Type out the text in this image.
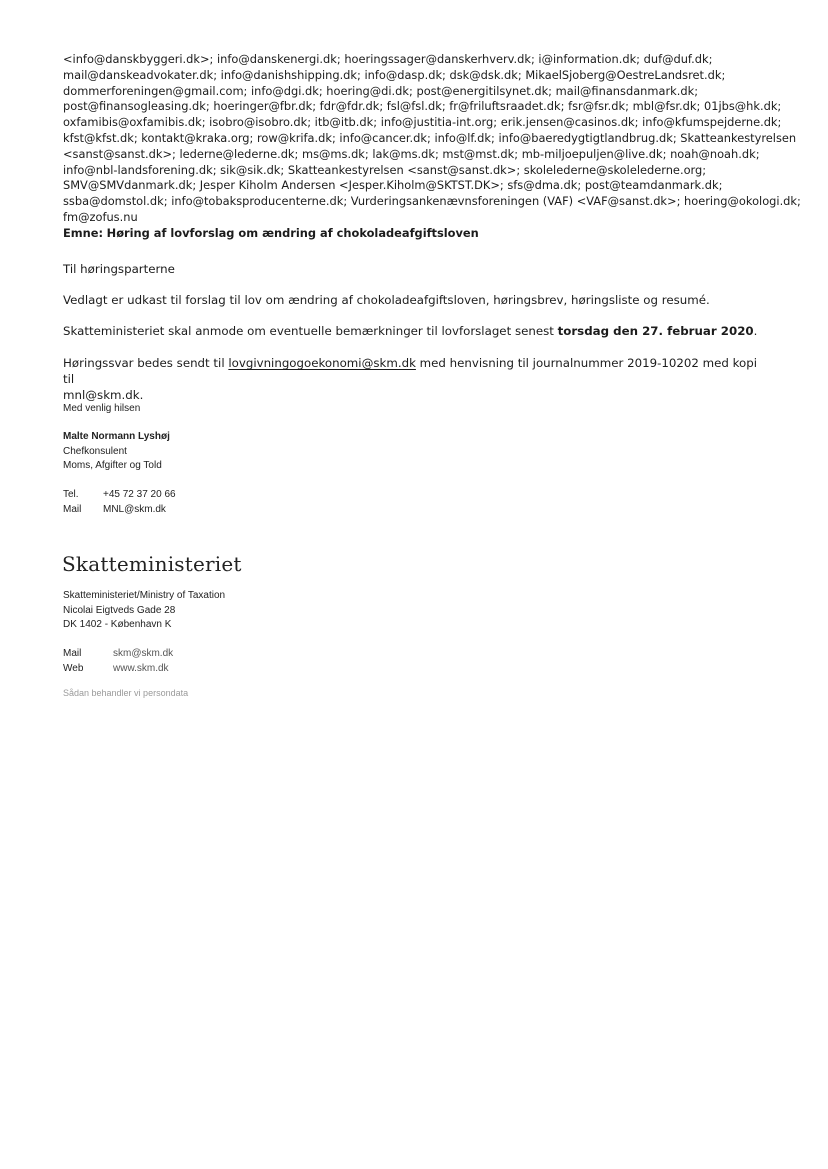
<info@danskbyggeri.dk>; info@danskenergi.dk; hoeringssager@danskerhverv.dk; i@information.dk; duf@duf.dk;
mail@danskeadvokater.dk; info@danishshipping.dk; info@dasp.dk; dsk@dsk.dk; MikaelSjoberg@OestreLandsret.dk;
dommerforeningen@gmail.com; info@dgi.dk; hoering@di.dk; post@energitilsynet.dk; mail@finansdanmark.dk;
post@finansogleasing.dk; hoeringer@fbr.dk; fdr@fdr.dk; fsl@fsl.dk; fr@friluftsraadet.dk; fsr@fsr.dk; mbl@fsr.dk; 01jbs@hk.dk;
oxfamibis@oxfamibis.dk; isobro@isobro.dk; itb@itb.dk; info@justitia-int.org; erik.jensen@casinos.dk; info@kfumspejderne.dk;
kfst@kfst.dk; kontakt@kraka.org; row@krifa.dk; info@cancer.dk; info@lf.dk; info@baeredygtigtlandbrug.dk; Skatteankestyrelsen
<sanst@sanst.dk>; lederne@lederne.dk; ms@ms.dk; lak@ms.dk; mst@mst.dk; mb-miljoepuljen@live.dk; noah@noah.dk;
info@nbl-landsforening.dk; sik@sik.dk; Skatteankestyrelsen <sanst@sanst.dk>; skolelederne@skolelederne.org;
SMV@SMVdanmark.dk; Jesper Kiholm Andersen <Jesper.Kiholm@SKTST.DK>; sfs@dma.dk; post@teamdanmark.dk;
ssba@domstol.dk; info@tobaksproducenterne.dk; Vurderingsankenævnsforeningen (VAF) <VAF@sanst.dk>; hoering@okologi.dk;
fm@zofus.nu
Emne: Høring af lovforslag om ændring af chokoladeafgiftsloven
Til høringsparterne
Vedlagt er udkast til forslag til lov om ændring af chokoladeafgiftsloven, høringsbrev, høringsliste og resumé.
Skatteministeriet skal anmode om eventuelle bemærkninger til lovforslaget senest torsdag den 27. februar 2020.
Høringssvar bedes sendt til lovgivningogoekonomi@skm.dk med henvisning til journalnummer 2019-10202 med kopi til
mnl@skm.dk.
Med venlig hilsen
Malte Normann Lyshøj
Chefkonsulent
Moms, Afgifter og Told
Tel.	+45 72 37 20 66
Mail	MNL@skm.dk
Skatteministeriet
Skatteministeriet/Ministry of Taxation
Nicolai Eigtveds Gade 28
DK 1402 - København K
Mail	skm@skm.dk
Web	www.skm.dk
Sådan behandler vi persondata
